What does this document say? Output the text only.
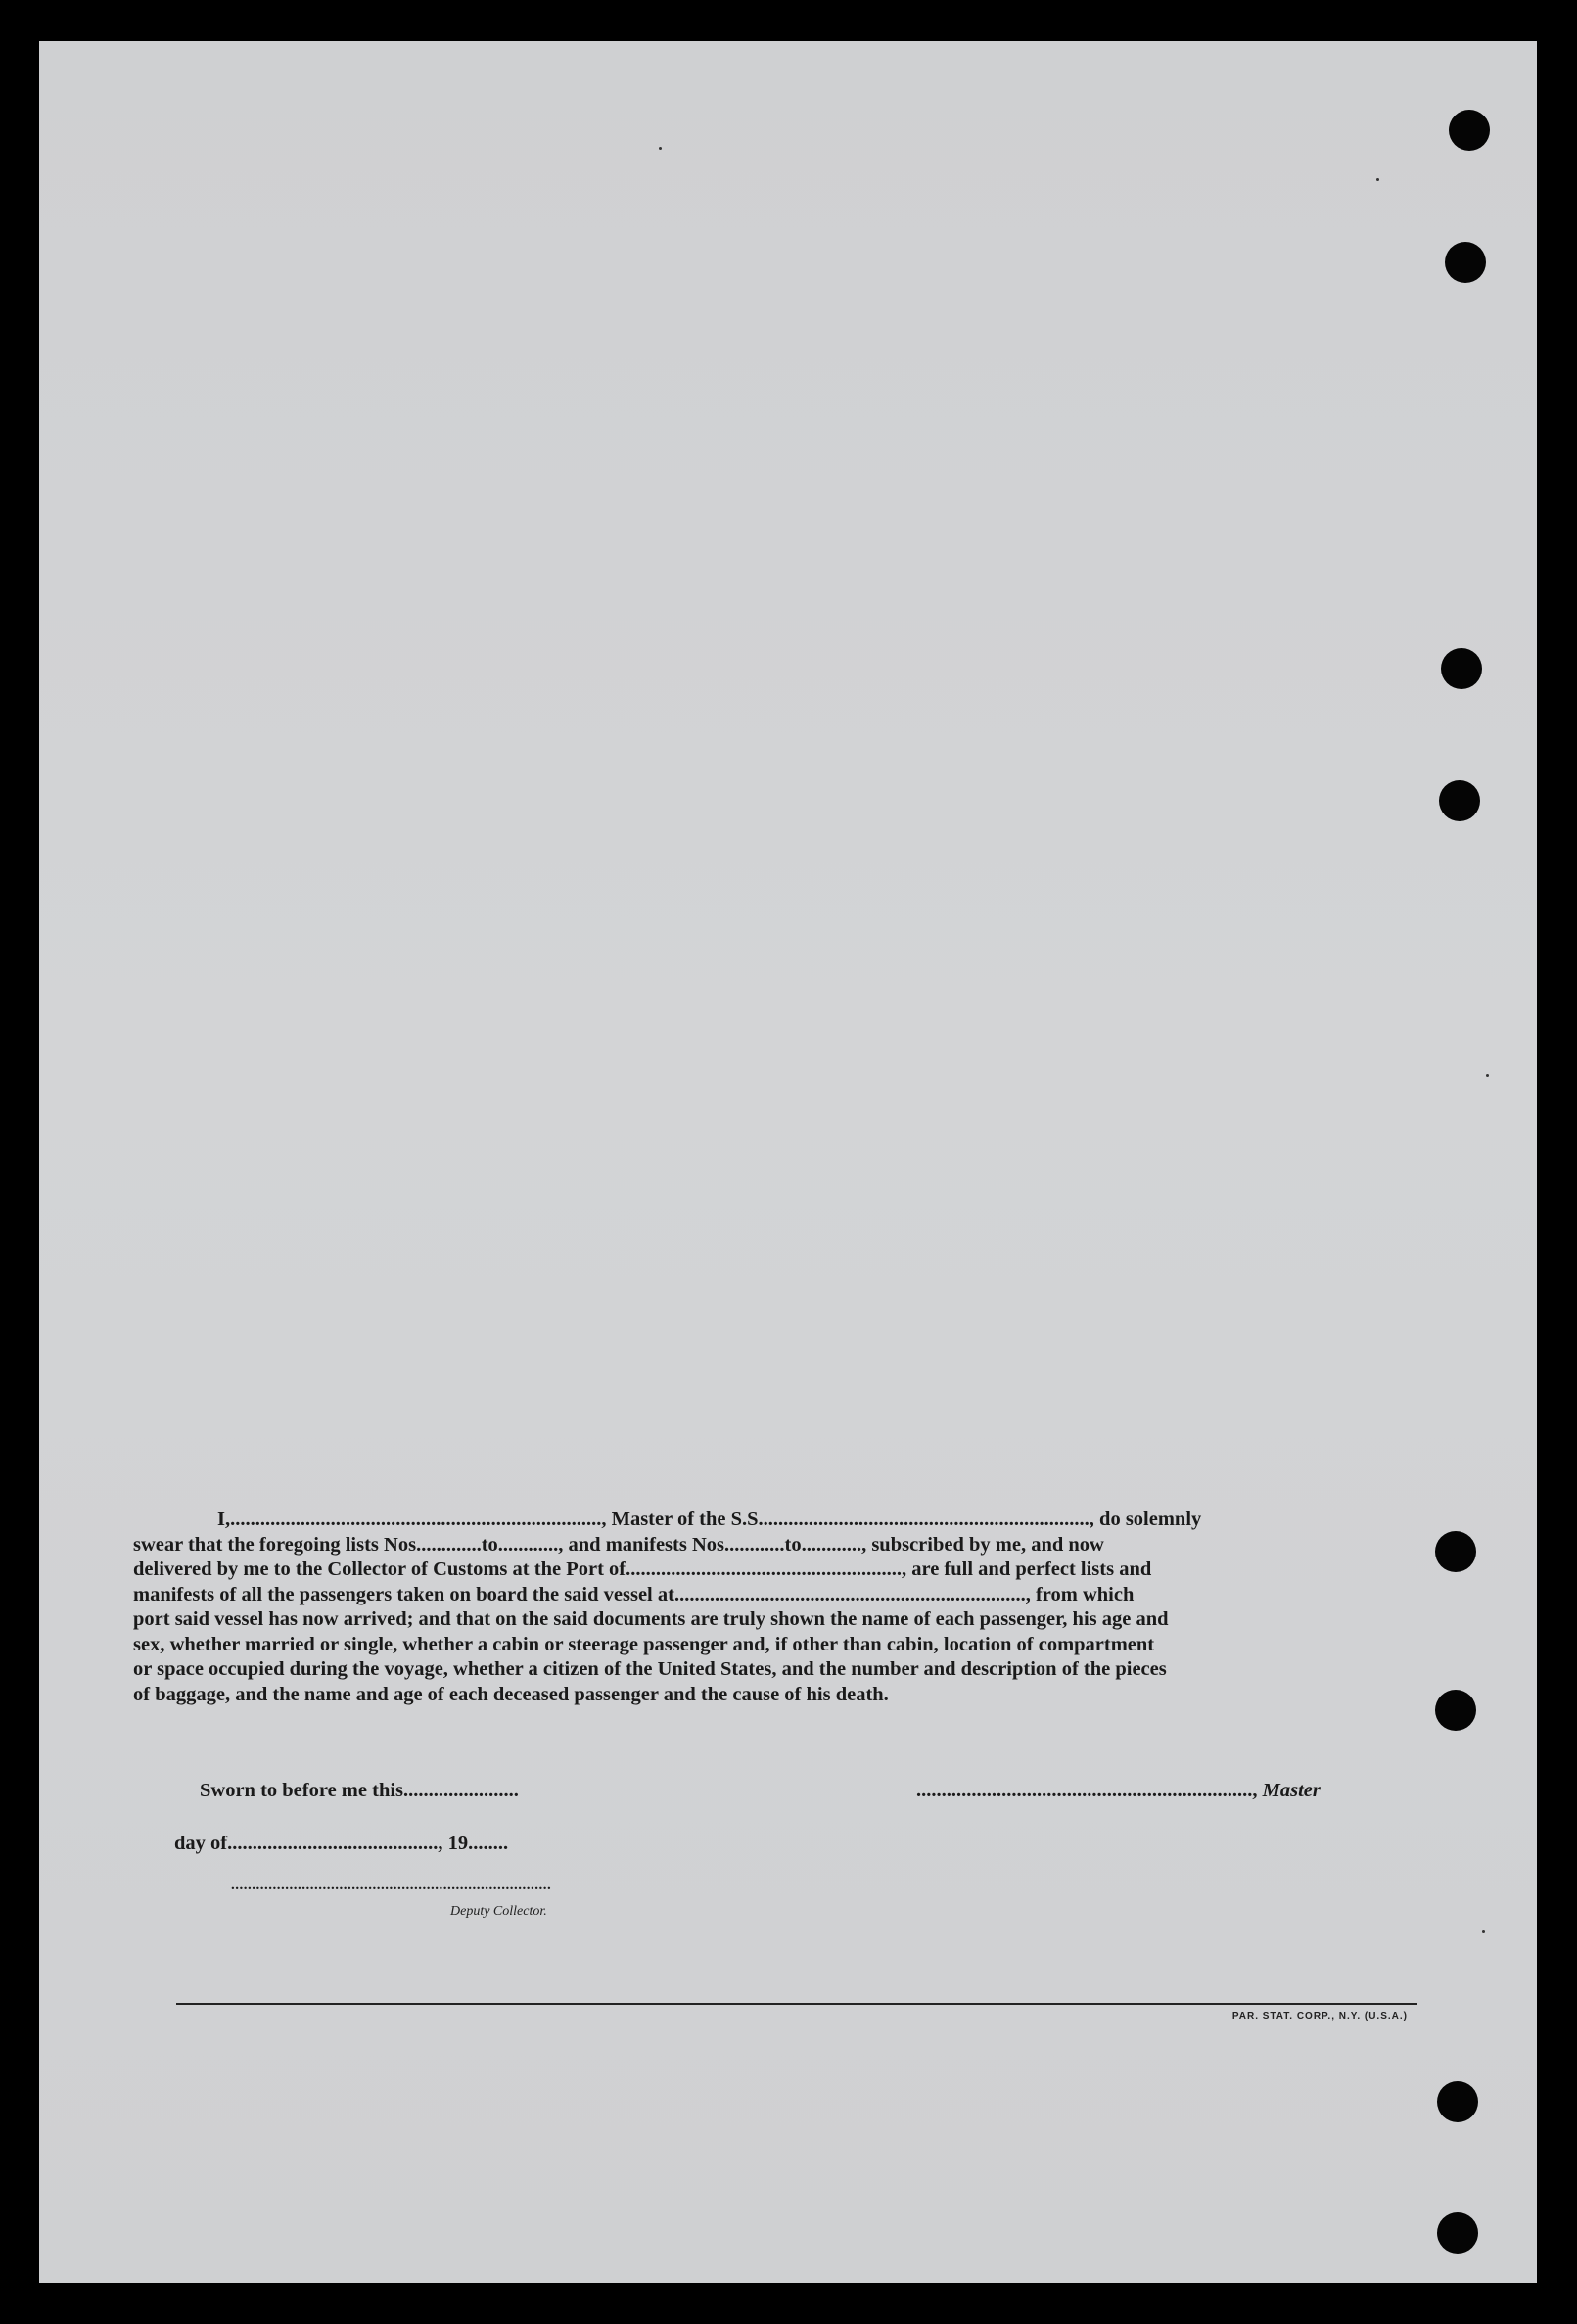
I,.........................................................................., Master of the S.S.................................................................., do solemnly
swear that the foregoing lists Nos.............to............, and manifests Nos............to............, subscribed by me, and now
delivered by me to the Collector of Customs at the Port of......................................................., are full and perfect lists and
manifests of all the passengers taken on board the said vessel at......................................................................, from which
port said vessel has now arrived; and that on the said documents are truly shown the name of each passenger, his age and
sex, whether married or single, whether a cabin or steerage passenger and, if other than cabin, location of compartment
or space occupied during the voyage, whether a citizen of the United States, and the number and description of the pieces
of baggage, and the name and age of each deceased passenger and the cause of his death.
Sworn to before me this.......................	..................................................................., Master
day of.........................................., 19........
.............................................................................
Deputy Collector.
PAR. STAT. CORP., N.Y. (U.S.A.)
